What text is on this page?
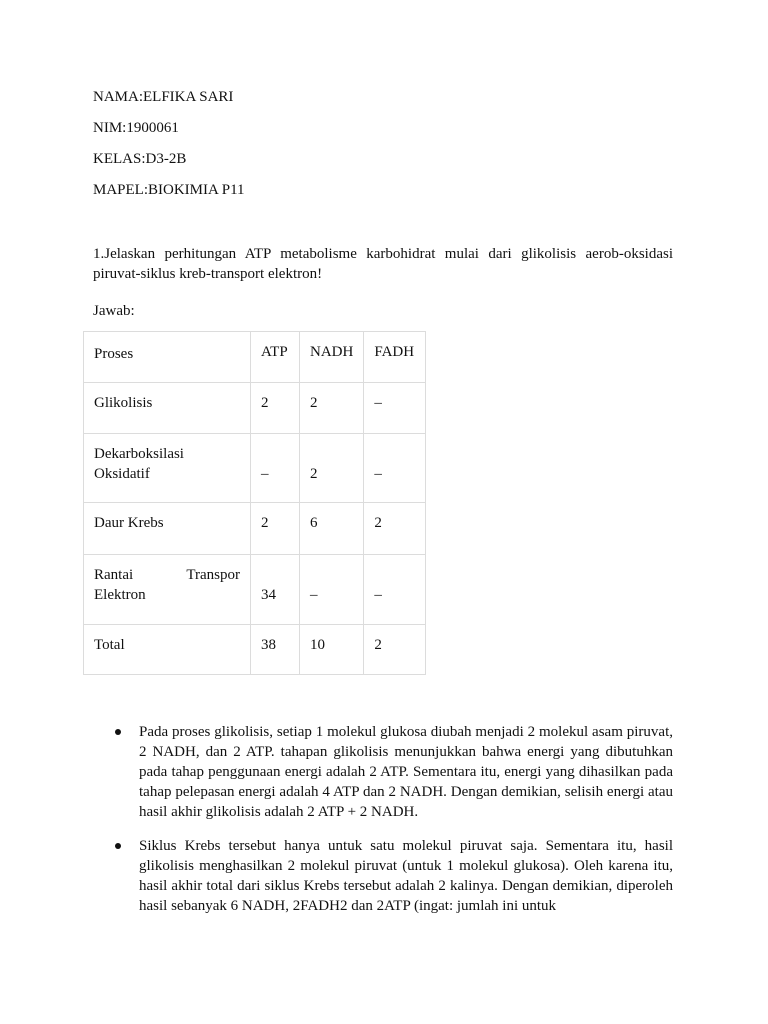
NAMA:ELFIKA SARI
NIM:1900061
KELAS:D3-2B
MAPEL:BIOKIMIA P11

1.Jelaskan perhitungan ATP metabolisme karbohidrat mulai dari glikolisis aerob-oksidasi piruvat-siklus kreb-transport elektron!

Jawab:
Proses	ATP	NADH	FADH
Glikolisis	2	2	–
Dekarboksilasi Oksidatif	–	2	–
Daur Krebs	2	6	2
Rantai Transpor Elektron	34	–	–
Total	38	10	2
Pada proses glikolisis, setiap 1 molekul glukosa diubah menjadi 2 molekul asam piruvat, 2 NADH, dan 2 ATP. tahapan glikolisis menunjukkan bahwa energi yang dibutuhkan pada tahap penggunaan energi adalah 2 ATP. Sementara itu, energi yang dihasilkan pada tahap pelepasan energi adalah 4 ATP dan 2 NADH. Dengan demikian, selisih energi atau hasil akhir glikolisis adalah 2 ATP + 2 NADH.
Siklus Krebs tersebut hanya untuk satu molekul piruvat saja. Sementara itu, hasil glikolisis menghasilkan 2 molekul piruvat (untuk 1 molekul glukosa). Oleh karena itu, hasil akhir total dari siklus Krebs tersebut adalah 2 kalinya. Dengan demikian, diperoleh hasil sebanyak 6 NADH, 2FADH2 dan 2ATP (ingat: jumlah ini untuk
